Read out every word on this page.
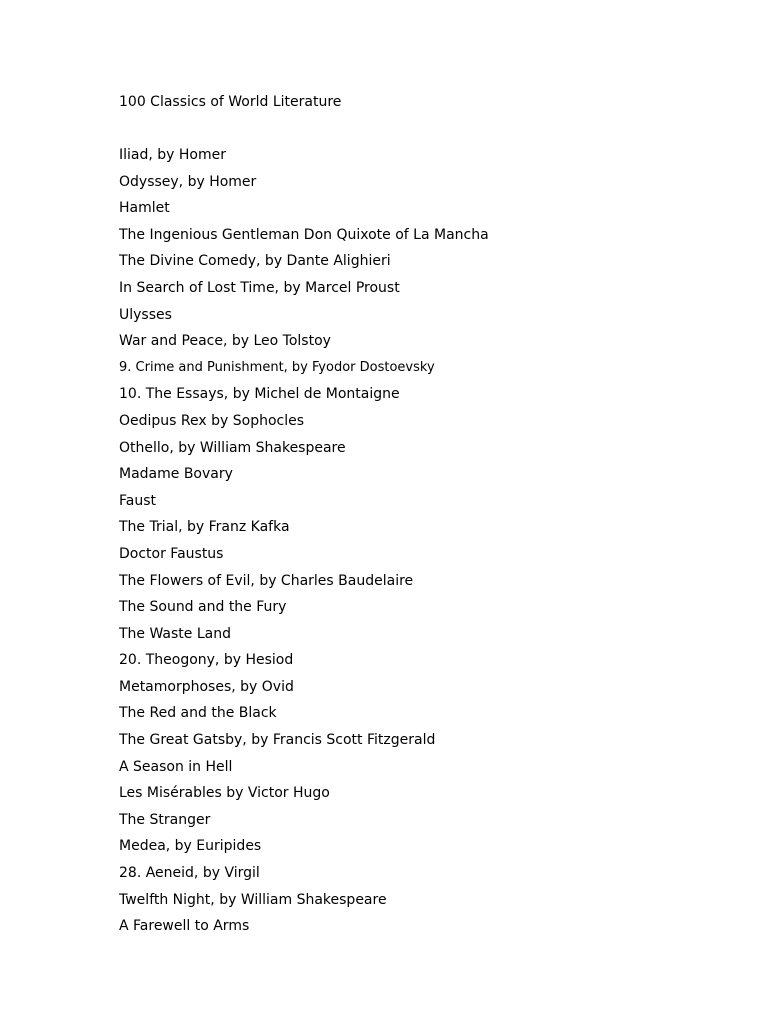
100 Classics of World Literature
Iliad, by Homer
Odyssey, by Homer
Hamlet
The Ingenious Gentleman Don Quixote of La Mancha
The Divine Comedy, by Dante Alighieri
In Search of Lost Time, by Marcel Proust
Ulysses
War and Peace, by Leo Tolstoy
9. Crime and Punishment, by Fyodor Dostoevsky
10. The Essays, by Michel de Montaigne
Oedipus Rex by Sophocles
Othello, by William Shakespeare
Madame Bovary
Faust
The Trial, by Franz Kafka
Doctor Faustus
The Flowers of Evil, by Charles Baudelaire
The Sound and the Fury
The Waste Land
20. Theogony, by Hesiod
Metamorphoses, by Ovid
The Red and the Black
The Great Gatsby, by Francis Scott Fitzgerald
A Season in Hell
Les Misérables by Victor Hugo
The Stranger
Medea, by Euripides
28. Aeneid, by Virgil
Twelfth Night, by William Shakespeare
A Farewell to Arms
